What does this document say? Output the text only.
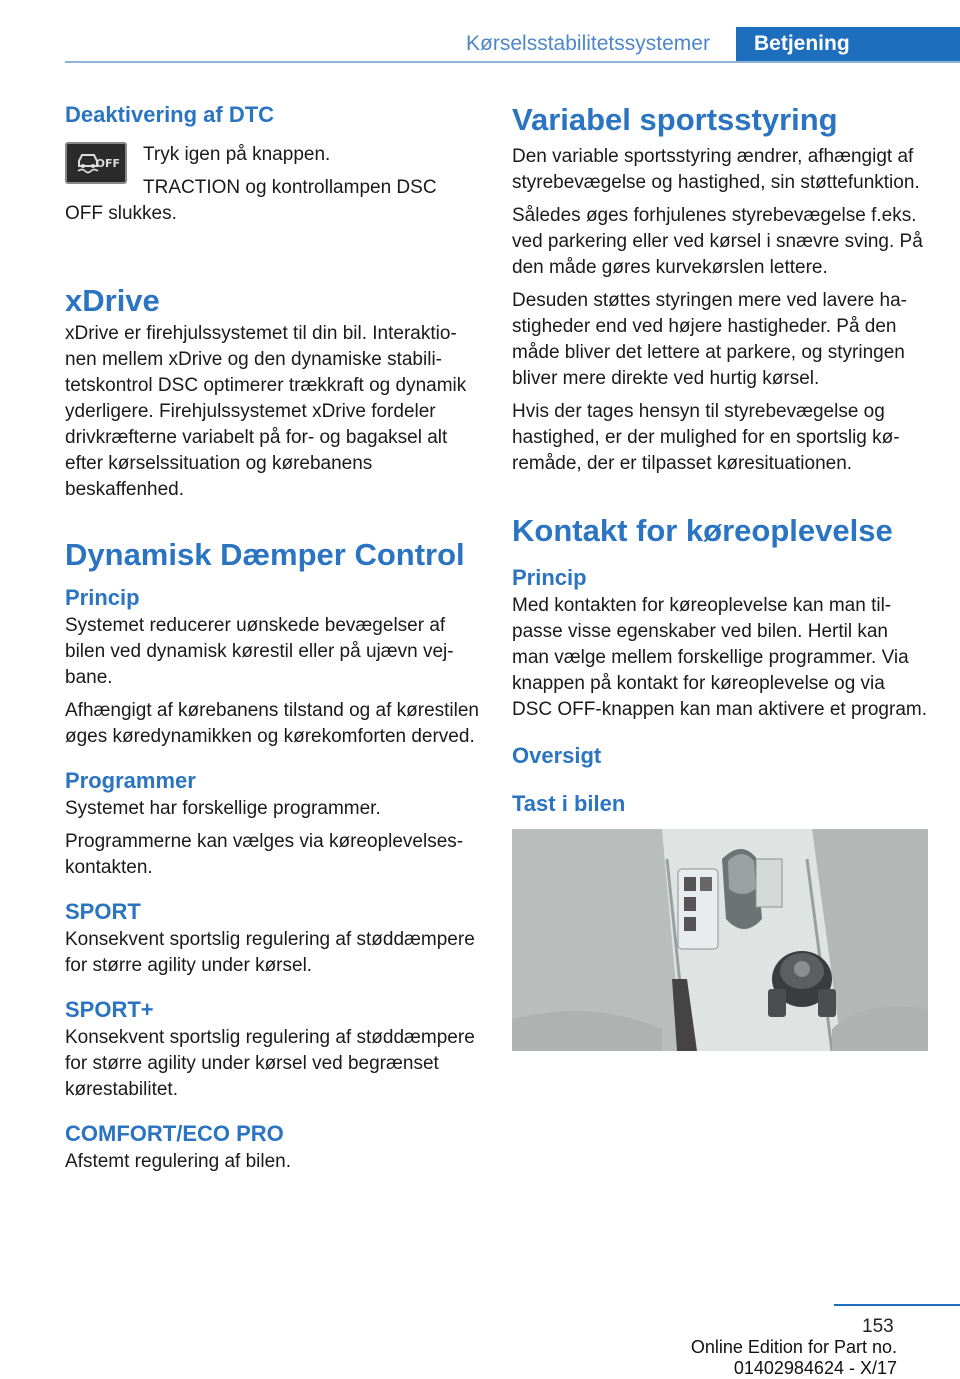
Kørselsstabilitetssystemer	Betjening
Deaktivering af DTC
OFF	Tryk igen på knappen.

TRACTION og kontrollampen DSC

OFF slukkes.

xDrive

xDrive er firehjulssystemet til din bil. Interaktionen mellem xDrive og den dynamiske stabilitetskontrol DSC optimerer trækkraft og dynamik yderligere. Firehjulssystemet xDrive fordeler drivkræfterne variabelt på for- og bagaksel alt efter kørselssituation og kørebanens beskaffenhed.

Dynamisk Dæmper Control
Princip

Systemet reducerer uønskede bevægelser af bilen ved dynamisk kørestil eller på ujævn vejbane.

Afhængigt af kørebanens tilstand og af kørestilen øges køredynamikken og kørekomforten derved.

Programmer

Systemet har forskellige programmer.

Programmerne kan vælges via køreoplevelseskontakten.

SPORT

Konsekvent sportslig regulering af støddæmpere for større agility under kørsel.

SPORT+

Konsekvent sportslig regulering af støddæmpere for større agility under kørsel ved begrænset kørestabilitet.

COMFORT/ECO PRO

Afstemt regulering af bilen.

Variabel sportsstyring

Den variable sportsstyring ændrer, afhængigt af styrebevægelse og hastighed, sin støttefunktion.

Således øges forhjulenes styrebevægelse f.eks. ved parkering eller ved kørsel i snævre sving. På den måde gøres kurvekørslen lettere.

Desuden støttes styringen mere ved lavere hastigheder end ved højere hastigheder. På den måde bliver det lettere at parkere, og styringen bliver mere direkte ved hurtig kørsel.

Hvis der tages hensyn til styrebevægelse og hastighed, er der mulighed for en sportslig køremåde, der er tilpasset køresituationen.

Kontakt for køreoplevelse
Princip

Med kontakten for køreoplevelse kan man tilpasse visse egenskaber ved bilen. Hertil kan man vælge mellem forskellige programmer. Via knappen på kontakt for køreoplevelse og via DSC OFF-knappen kan man aktivere et program.

Oversigt
Tast i bilen
153
Online Edition for Part no. 01402984624 - X/17
